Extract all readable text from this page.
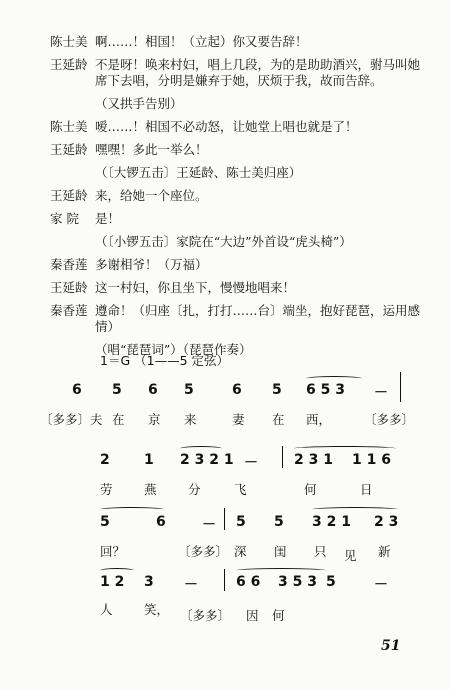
陈士美 啊……！相国！（立起）你又要告辞！
王延龄 不是呀！唤来村妇，唱上几段，为的是助助酒兴，驸马叫她席下去唱，分明是嫌弃于她，厌烦于我，故而告辞。
（又拱手告别）
陈士美 嗳……！相国不必动怒，让她堂上唱也就是了！
王延龄 嘿嘿！多此一举么！
（〔大锣五击〕王延龄、陈士美归座）
王延龄 来，给她一个座位。
家 院	是！
（〔小锣五击〕家院在“大边”外首设“虎头椅”）
秦香莲 多谢相爷！（万福）
王延龄 这一村妇，你且坐下，慢慢地唱来！
秦香莲 遵命！（归座〔扎，打打……台〕端坐，抱好琵琶，运用感情）
（唱“琵琶词”）（琵琶作奏）
1＝G （1——5 定弦）
6 5 6 5	6 5 6 5 3 －
〔多多〕夫 在 京 来	妻 在 西，	〔多多〕
2 1 2 3 2 1 －	2 3 1 1 1 6
劳	燕	分	飞	何	日
5	6	－ 5 5 3 2 1 2 3
回？	〔多多〕 深 闺 只 见 新
1 2 3 －	6 6 3 5 3 5	－
人	笑， 〔多多〕 因 何
51
